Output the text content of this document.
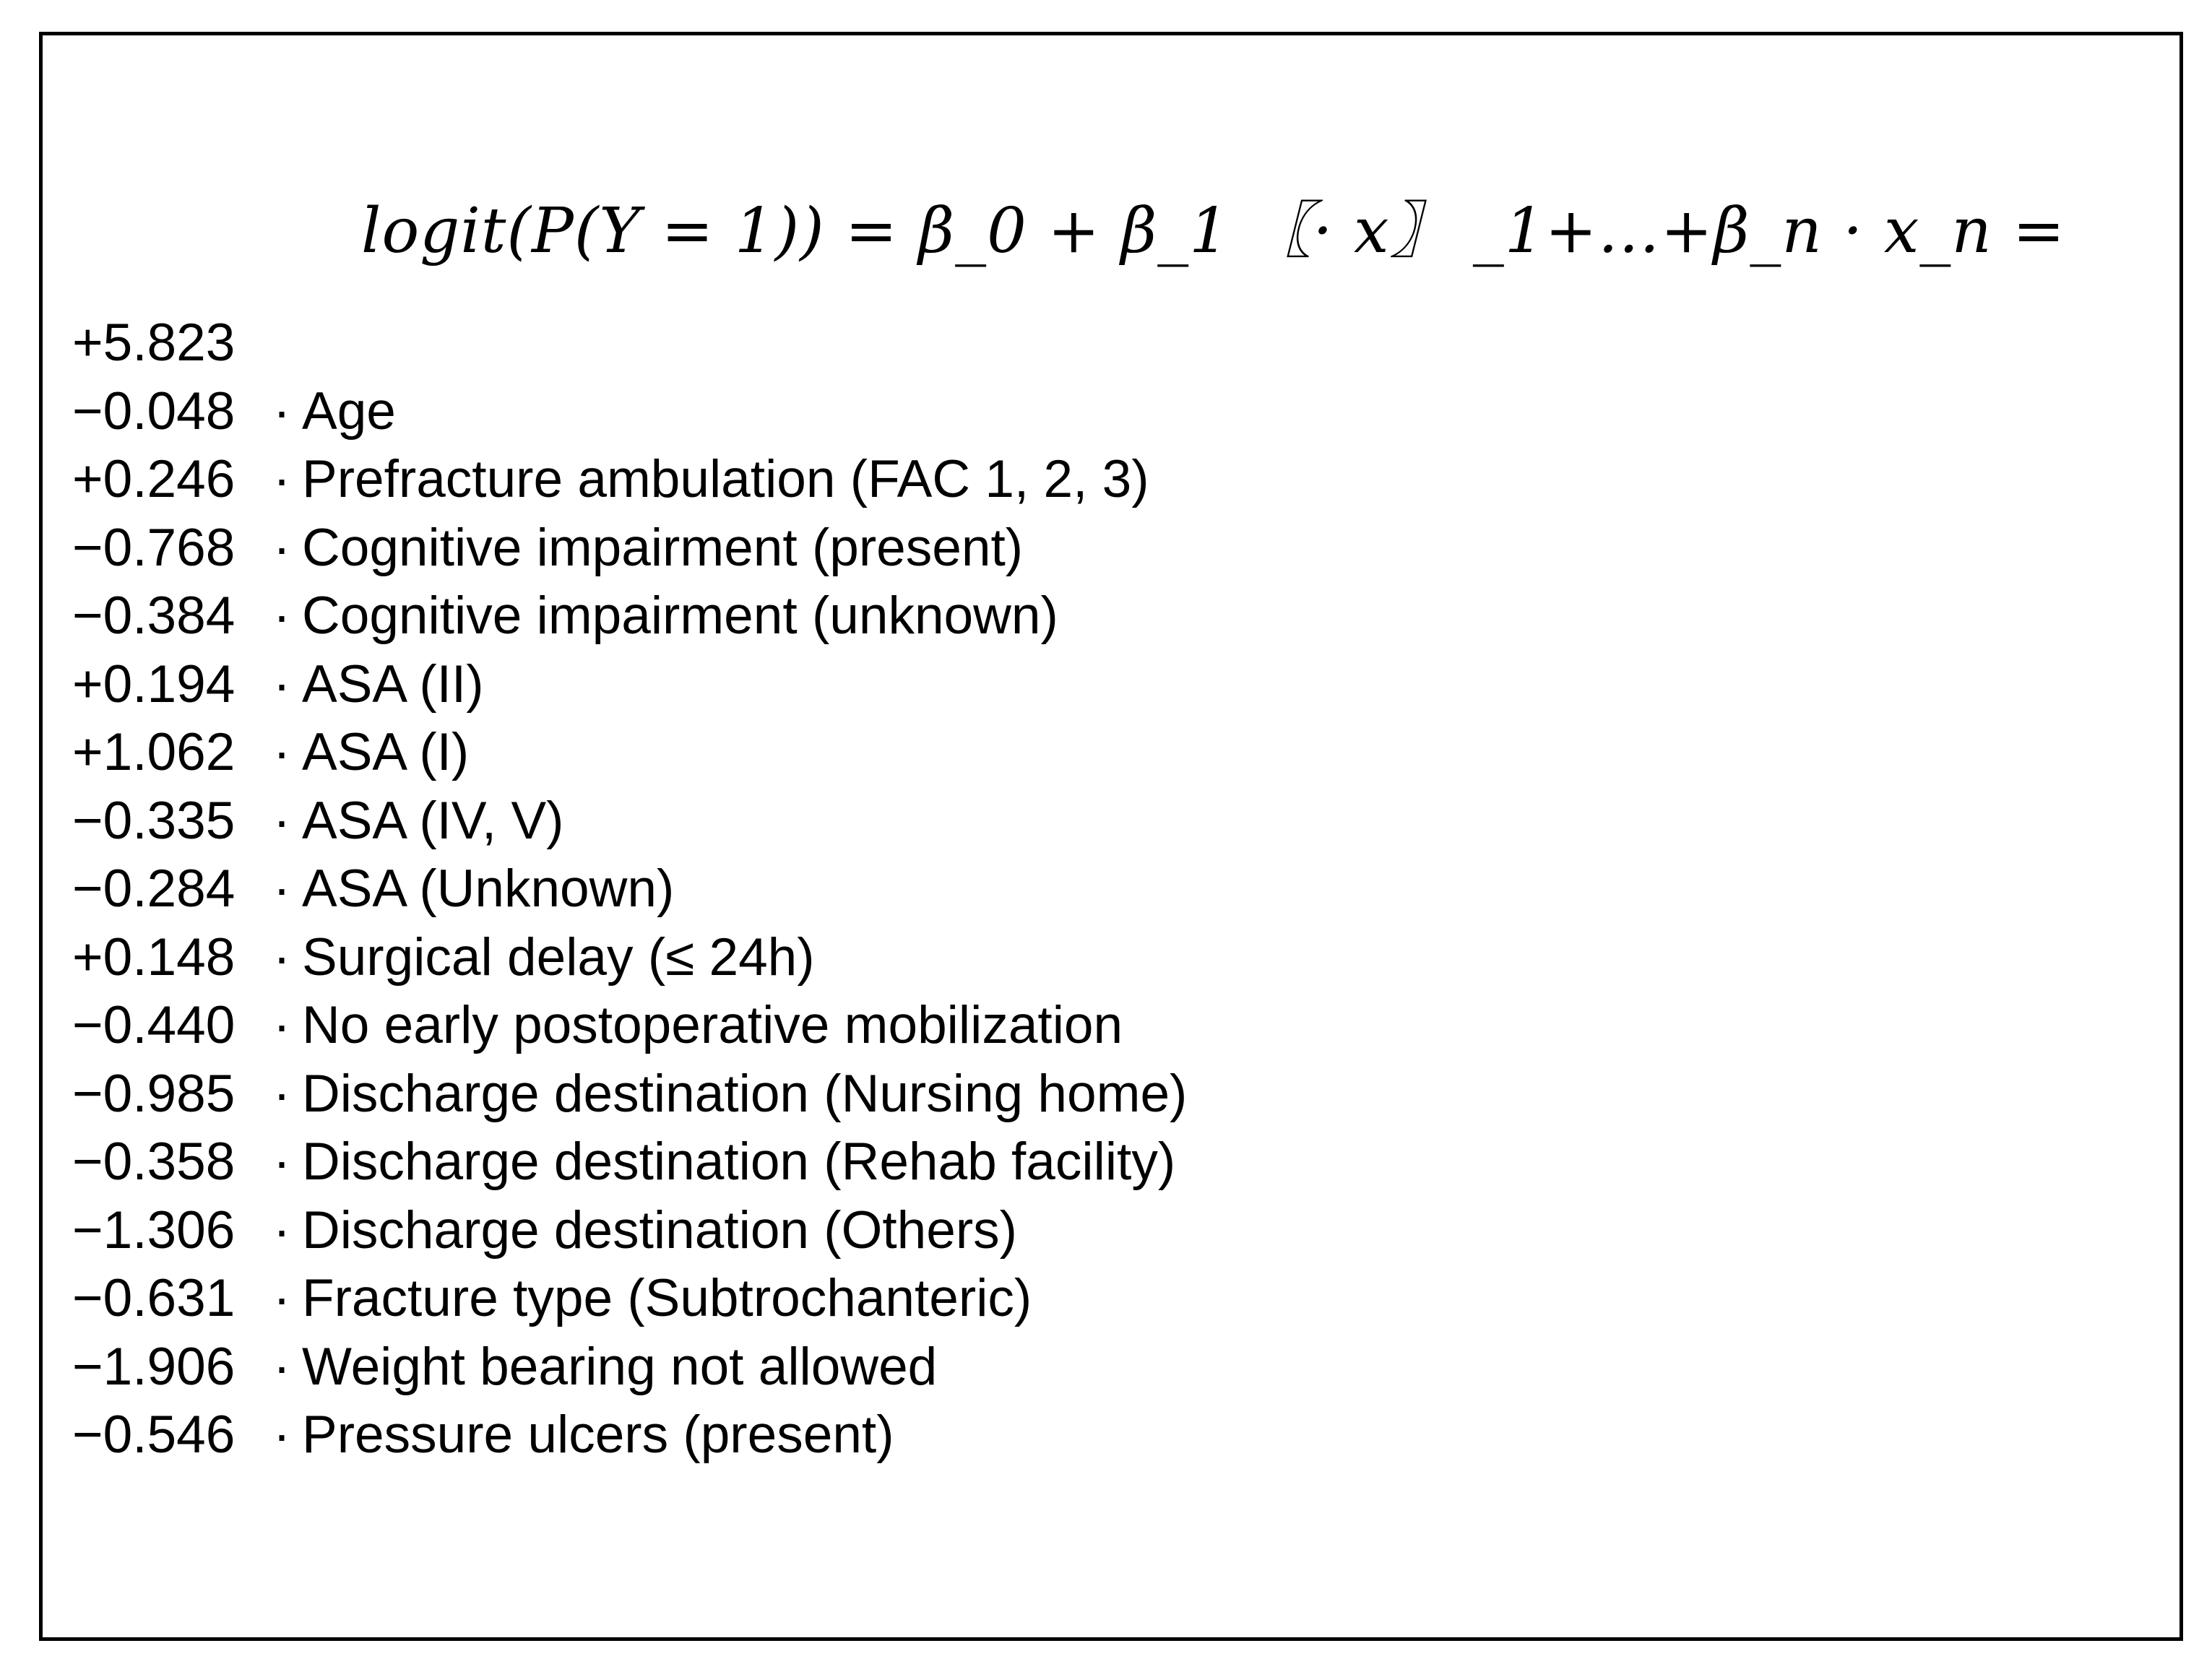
logit(P(Y = 1)) = β_0 + β_1 〖· x〗 _1+…+β_n · x_n =
+5.823
−0.048 · Age
+0.246 · Prefracture ambulation (FAC 1, 2, 3)
−0.768 · Cognitive impairment (present)
−0.384 · Cognitive impairment (unknown)
+0.194 · ASA (II)
+1.062 · ASA (I)
−0.335 · ASA (IV, V)
−0.284 · ASA (Unknown)
+0.148 · Surgical delay (≤ 24h)
−0.440 · No early postoperative mobilization
−0.985 · Discharge destination (Nursing home)
−0.358 · Discharge destination (Rehab facility)
−1.306 · Discharge destination (Others)
−0.631 · Fracture type (Subtrochanteric)
−1.906 · Weight bearing not allowed
−0.546 · Pressure ulcers (present)
